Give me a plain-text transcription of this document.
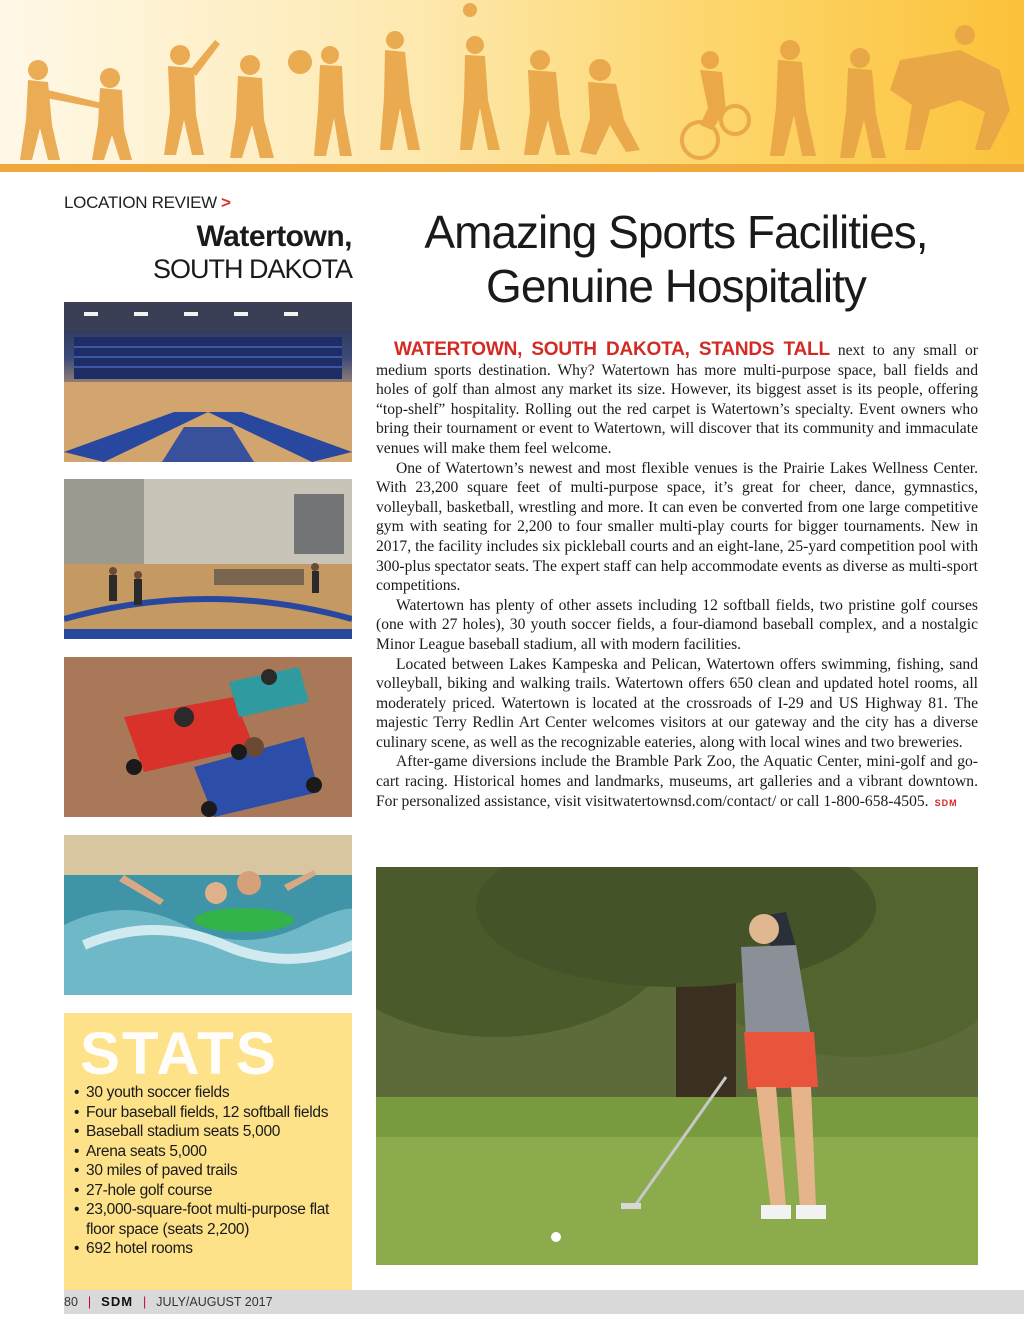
LOCATION REVIEW >
Watertown,
SOUTH DAKOTA
STATS
• 30 youth soccer fields
• Four baseball fields, 12 softball fields
• Baseball stadium seats 5,000
• Arena seats 5,000
• 30 miles of paved trails
• 27-hole golf course
• 23,000-square-foot multi-purpose flat floor space (seats 2,200)
• 692 hotel rooms
Amazing Sports Facilities,
Genuine Hospitality

WATERTOWN, SOUTH DAKOTA, STANDS TALL next to any small or medium sports destination. Why? Watertown has more multi-purpose space, ball fields and holes of golf than almost any market its size. However, its biggest asset is its people, offering “top-shelf” hospitality. Rolling out the red carpet is Watertown’s specialty. Event owners who bring their tournament or event to Watertown, will discover that its community and immaculate venues will make them feel welcome.

One of Watertown’s newest and most flexible venues is the Prairie Lakes Wellness Center. With 23,200 square feet of multi-purpose space, it’s great for cheer, dance, gymnastics, volleyball, basketball, wrestling and more. It can even be converted from one large competitive gym with seating for 2,200 to four smaller multi-play courts for bigger tournaments. New in 2017, the facility includes six pickleball courts and an eight-lane, 25-yard competition pool with 300-plus spectator seats. The expert staff can help accommodate events as diverse as multi-sport competitions.

Watertown has plenty of other assets including 12 softball fields, two pristine golf courses (one with 27 holes), 30 youth soccer fields, a four-diamond baseball complex, and a nostalgic Minor League baseball stadium, all with modern facilities.

Located between Lakes Kampeska and Pelican, Watertown offers swimming, fishing, sand volleyball, biking and walking trails. Watertown offers 650 clean and updated hotel rooms, all moderately priced. Watertown is located at the crossroads of I-29 and US Highway 81. The majestic Terry Redlin Art Center welcomes visitors at our gateway and the city has a diverse culinary scene, as well as the recognizable eateries, along with local wines and two breweries.

After-game diversions include the Bramble Park Zoo, the Aquatic Center, mini-golf and go-cart racing. Historical homes and landmarks, museums, art galleries and a vibrant downtown. For personalized assistance, visit visitwatertownsd.com/contact/ or call 1-800-658-4505. SDM

80 | SDM | JULY/AUGUST 2017
